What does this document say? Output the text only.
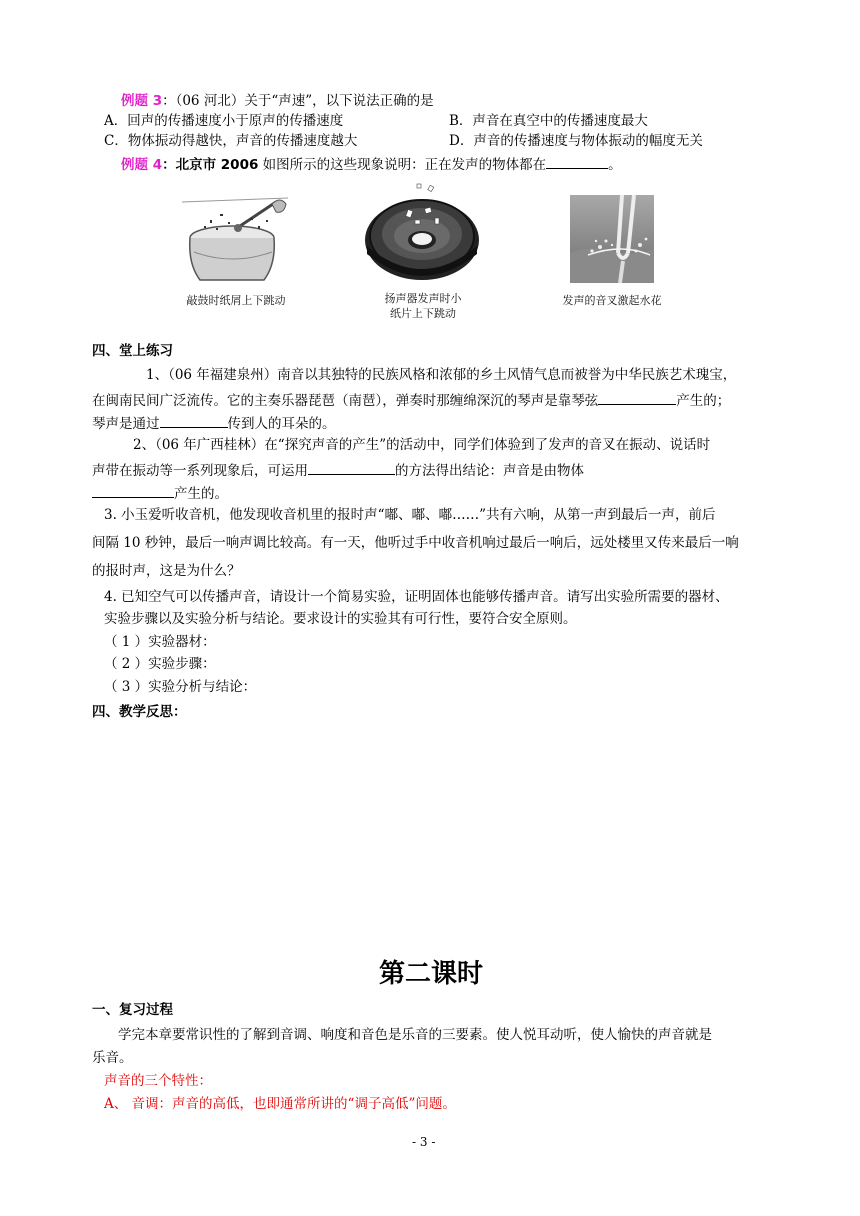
例题 3：（06 河北）关于“声速”，以下说法正确的是
A．回声的传播速度小于原声的传播速度	B．声音在真空中的传播速度最大
C．物体振动得越快，声音的传播速度越大	D．声音的传播速度与物体振动的幅度无关
例题 4：北京市 2006 如图所示的这些现象说明：正在发声的物体都在	。
敲鼓时纸屑上下跳动	扬声器发声时小
纸片上下跳动
发声的音叉激起水花
四、堂上练习
1、（06 年福建泉州）南音以其独特的民族风格和浓郁的乡土风情气息而被誉为中华民族艺术瑰宝，
在闽南民间广泛流传。它的主奏乐器琵琶（南琶），弹奏时那缠绵深沉的琴声是靠琴弦	产生的；
琴声是通过	传到人的耳朵的。
2、（06 年广西桂林）在“探究声音的产生”的活动中，同学们体验到了发声的音叉在振动、说话时
声带在振动等一系列现象后，可运用	的方法得出结论：声音是由物体
产生的。
3. 小玉爱听收音机，他发现收音机里的报时声“嘟、嘟、嘟……”共有六响，从第一声到最后一声，前后
间隔 10 秒钟，最后一响声调比较高。有一天，他听过手中收音机响过最后一响后，远处楼里又传来最后一响
的报时声，这是为什么？
4. 已知空气可以传播声音，请设计一个简易实验，证明固体也能够传播声音。请写出实验所需要的器材、
实验步骤以及实验分析与结论。要求设计的实验其有可行性，要符合安全原则。
（ 1 ）实验器材：
（ 2 ）实验步骤：
（ 3 ）实验分析与结论：
四、教学反思：
第二课时
一、复习过程
学完本章要常识性的了解到音调、响度和音色是乐音的三要素。使人悦耳动听，使人愉快的声音就是
乐音。
声音的三个特性：
A、 音调：声音的高低，也即通常所讲的“调子高低”问题。
- 3 -
